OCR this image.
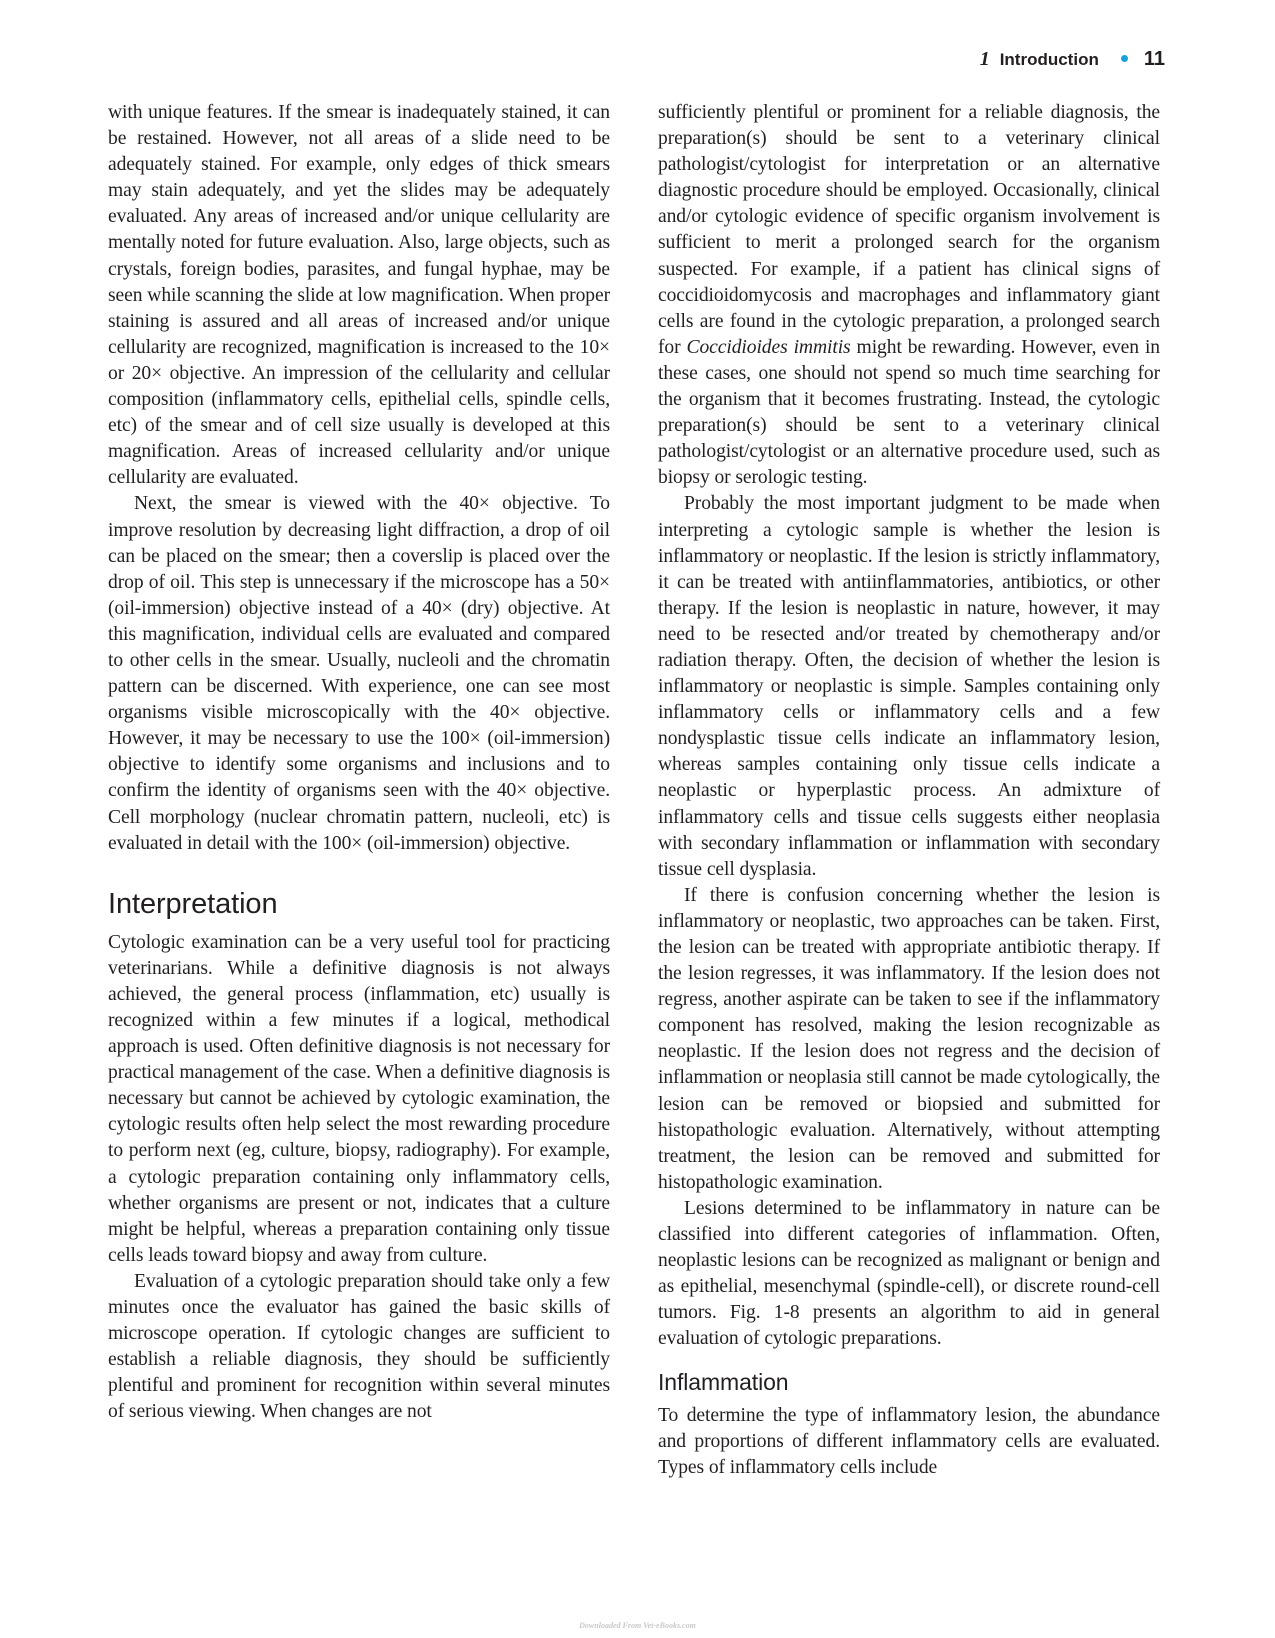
1 Introduction 11

with unique features. If the smear is inadequately stained, it can be restained. However, not all areas of a slide need to be adequately stained. For example, only edges of thick smears may stain adequately, and yet the slides may be adequately evaluated. Any areas of increased and/or unique cellularity are mentally noted for future evaluation. Also, large objects, such as crystals, foreign bodies, parasites, and fungal hyphae, may be seen while scanning the slide at low magnification. When proper staining is assured and all areas of increased and/or unique cellularity are recognized, magnification is increased to the 10× or 20× objective. An impression of the cellularity and cellular composition (inflammatory cells, epithelial cells, spindle cells, etc) of the smear and of cell size usually is developed at this magnification. Areas of increased cellularity and/or unique cellularity are evaluated.

Next, the smear is viewed with the 40× objective. To improve resolution by decreasing light diffraction, a drop of oil can be placed on the smear; then a coverslip is placed over the drop of oil. This step is unnecessary if the microscope has a 50× (oil-immersion) objective instead of a 40× (dry) objective. At this magnification, individual cells are evaluated and compared to other cells in the smear. Usually, nucleoli and the chromatin pattern can be discerned. With experience, one can see most organisms visible microscopically with the 40× objective. However, it may be necessary to use the 100× (oil-immersion) objective to identify some organisms and inclusions and to confirm the identity of organisms seen with the 40× objective. Cell morphology (nuclear chromatin pattern, nucleoli, etc) is evaluated in detail with the 100× (oil-immersion) objective.

Interpretation

Cytologic examination can be a very useful tool for practicing veterinarians. While a definitive diagnosis is not always achieved, the general process (inflammation, etc) usually is recognized within a few minutes if a logical, methodical approach is used. Often definitive diagnosis is not necessary for practical management of the case. When a definitive diagnosis is necessary but cannot be achieved by cytologic examination, the cytologic results often help select the most rewarding procedure to perform next (eg, culture, biopsy, radiography). For example, a cytologic preparation containing only inflammatory cells, whether organisms are present or not, indicates that a culture might be helpful, whereas a preparation containing only tissue cells leads toward biopsy and away from culture.

Evaluation of a cytologic preparation should take only a few minutes once the evaluator has gained the basic skills of microscope operation. If cytologic changes are sufficient to establish a reliable diagnosis, they should be sufficiently plentiful and prominent for recognition within several minutes of serious viewing. When changes are not

sufficiently plentiful or prominent for a reliable diagnosis, the preparation(s) should be sent to a veterinary clinical pathologist/cytologist for interpretation or an alternative diagnostic procedure should be employed. Occasionally, clinical and/or cytologic evidence of specific organism involvement is sufficient to merit a prolonged search for the organism suspected. For example, if a patient has clinical signs of coccidioidomycosis and macrophages and inflammatory giant cells are found in the cytologic preparation, a prolonged search for Coccidioides immitis might be rewarding. However, even in these cases, one should not spend so much time searching for the organism that it becomes frustrating. Instead, the cytologic preparation(s) should be sent to a veterinary clinical pathologist/cytologist or an alternative procedure used, such as biopsy or serologic testing.

Probably the most important judgment to be made when interpreting a cytologic sample is whether the lesion is inflammatory or neoplastic. If the lesion is strictly inflammatory, it can be treated with antiinflammatories, antibiotics, or other therapy. If the lesion is neoplastic in nature, however, it may need to be resected and/or treated by chemotherapy and/or radiation therapy. Often, the decision of whether the lesion is inflammatory or neoplastic is simple. Samples containing only inflammatory cells or inflammatory cells and a few nondysplastic tissue cells indicate an inflammatory lesion, whereas samples containing only tissue cells indicate a neoplastic or hyperplastic process. An admixture of inflammatory cells and tissue cells suggests either neoplasia with secondary inflammation or inflammation with secondary tissue cell dysplasia.

If there is confusion concerning whether the lesion is inflammatory or neoplastic, two approaches can be taken. First, the lesion can be treated with appropriate antibiotic therapy. If the lesion regresses, it was inflammatory. If the lesion does not regress, another aspirate can be taken to see if the inflammatory component has resolved, making the lesion recognizable as neoplastic. If the lesion does not regress and the decision of inflammation or neoplasia still cannot be made cytologically, the lesion can be removed or biopsied and submitted for histopathologic evaluation. Alternatively, without attempting treatment, the lesion can be removed and submitted for histopathologic examination.

Lesions determined to be inflammatory in nature can be classified into different categories of inflammation. Often, neoplastic lesions can be recognized as malignant or benign and as epithelial, mesenchymal (spindle-cell), or discrete round-cell tumors. Fig. 1-8 presents an algorithm to aid in general evaluation of cytologic preparations.

Inflammation

To determine the type of inflammatory lesion, the abundance and proportions of different inflammatory cells are evaluated. Types of inflammatory cells include

Downloaded From Vet-eBooks.com
